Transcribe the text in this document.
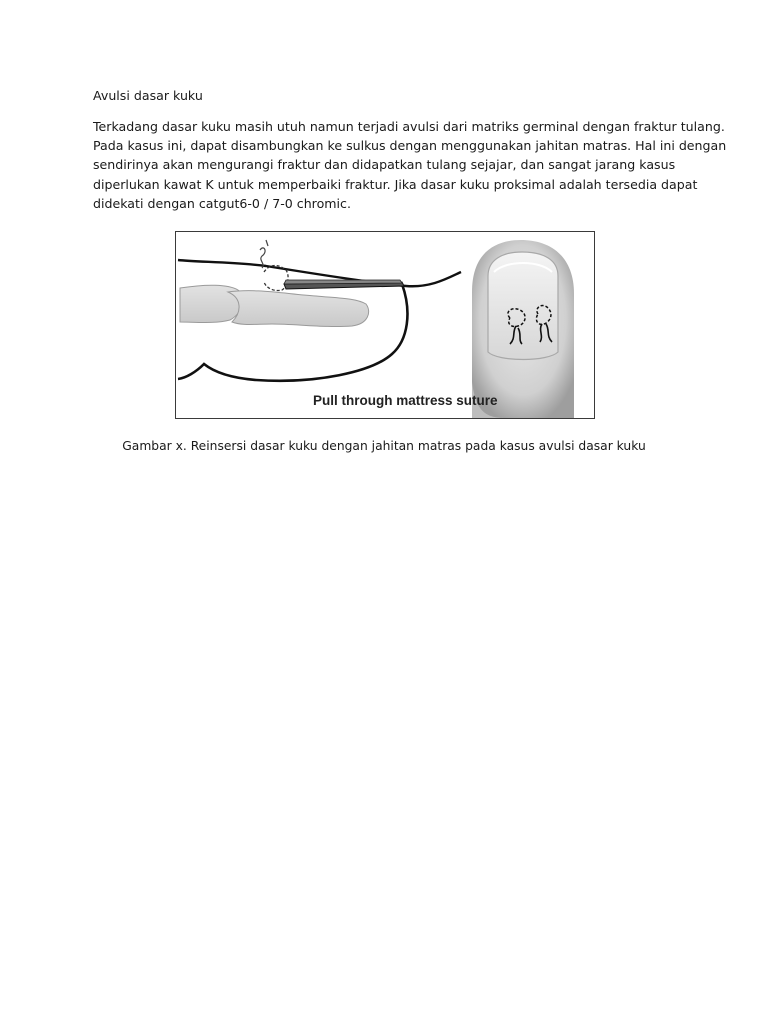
Avulsi dasar kuku

Terkadang dasar kuku masih utuh namun terjadi avulsi dari matriks germinal dengan fraktur tulang.
Pada kasus ini, dapat disambungkan ke sulkus dengan menggunakan jahitan matras. Hal ini dengan
sendirinya akan mengurangi fraktur dan didapatkan tulang sejajar, dan sangat jarang kasus
diperlukan kawat K untuk memperbaiki fraktur. Jika dasar kuku proksimal adalah tersedia dapat
didekati dengan catgut6-0 / 7-0 chromic.

Pull through mattress suture

Gambar x. Reinsersi dasar kuku dengan jahitan matras pada kasus avulsi dasar kuku
